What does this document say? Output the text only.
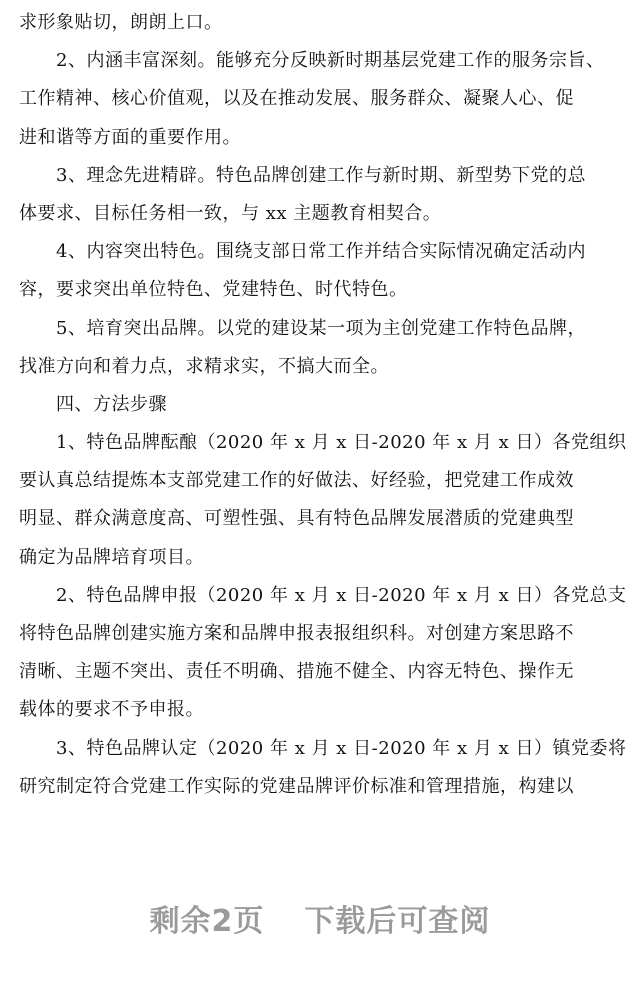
求形象贴切，朗朗上口。
2、内涵丰富深刻。能够充分反映新时期基层党建工作的服务宗旨、
工作精神、核心价值观，以及在推动发展、服务群众、凝聚人心、促
进和谐等方面的重要作用。
3、理念先进精辟。特色品牌创建工作与新时期、新型势下党的总
体要求、目标任务相一致，与 xx 主题教育相契合。
4、内容突出特色。围绕支部日常工作并结合实际情况确定活动内
容，要求突出单位特色、党建特色、时代特色。
5、培育突出品牌。以党的建设某一项为主创党建工作特色品牌，
找准方向和着力点，求精求实，不搞大而全。
四、方法步骤
1、特色品牌酝酿（2020 年 x 月 x 日-2020 年 x 月 x 日）各党组织
要认真总结提炼本支部党建工作的好做法、好经验，把党建工作成效
明显、群众满意度高、可塑性强、具有特色品牌发展潜质的党建典型
确定为品牌培育项目。
2、特色品牌申报（2020 年 x 月 x 日-2020 年 x 月 x 日）各党总支
将特色品牌创建实施方案和品牌申报表报组织科。对创建方案思路不
清晰、主题不突出、责任不明确、措施不健全、内容无特色、操作无
载体的要求不予申报。
3、特色品牌认定（2020 年 x 月 x 日-2020 年 x 月 x 日）镇党委将
研究制定符合党建工作实际的党建品牌评价标准和管理措施，构建以
剩余2页 下载后可查阅
